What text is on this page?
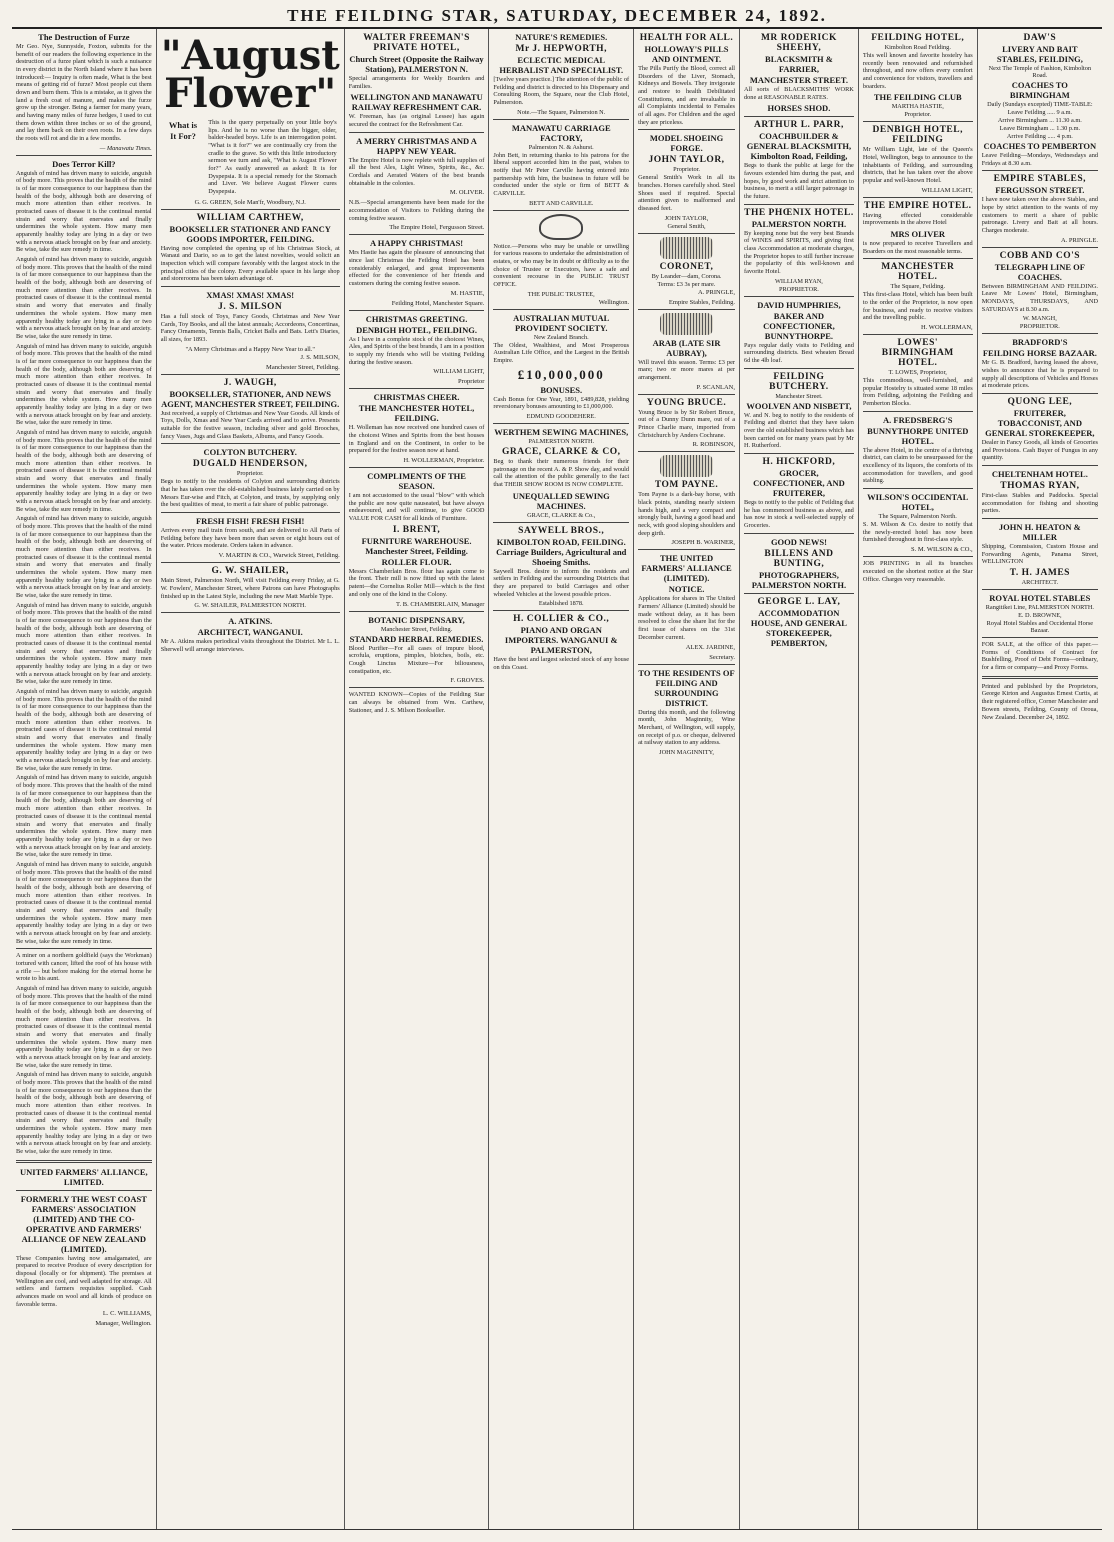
THE FEILDING STAR, SATURDAY, DECEMBER 24, 1892.
The Destruction of Furze

Mr Geo. Nye, Sunnyside, Foxton, submits for the benefit of our readers the following experience in the destruction of a furze plant which is such a nuisance in every district in the North Island where it has been introduced:— Inquiry is often made, What is the best means of getting rid of furze? Most people cut them down and burn them. This is a mistake, as it gives the land a fresh coat of manure, and makes the furze grow up the stronger. Being a farmer for many years, and having many miles of furze hedges, I used to cut them down within three inches or so of the ground, and lay them back on their own roots. In a few days the roots will rot and die in a few months.

— Manawatu Times.
Does Terror Kill?

Anguish of mind has driven many to suicide, anguish of body more. This proves that the health of the mind is of far more consequence to our happiness than the health of the body, although both are deserving of much more attention than either receives. In protracted cases of disease it is the continual mental strain and worry that enervates and finally undermines the whole system. How many men apparently healthy today are lying in a day or two with a nervous attack brought on by fear and anxiety. Be wise, take the sure remedy in time.

Anguish of mind has driven many to suicide, anguish of body more. This proves that the health of the mind is of far more consequence to our happiness than the health of the body, although both are deserving of much more attention than either receives. In protracted cases of disease it is the continual mental strain and worry that enervates and finally undermines the whole system. How many men apparently healthy today are lying in a day or two with a nervous attack brought on by fear and anxiety. Be wise, take the sure remedy in time.

Anguish of mind has driven many to suicide, anguish of body more. This proves that the health of the mind is of far more consequence to our happiness than the health of the body, although both are deserving of much more attention than either receives. In protracted cases of disease it is the continual mental strain and worry that enervates and finally undermines the whole system. How many men apparently healthy today are lying in a day or two with a nervous attack brought on by fear and anxiety. Be wise, take the sure remedy in time.

Anguish of mind has driven many to suicide, anguish of body more. This proves that the health of the mind is of far more consequence to our happiness than the health of the body, although both are deserving of much more attention than either receives. In protracted cases of disease it is the continual mental strain and worry that enervates and finally undermines the whole system. How many men apparently healthy today are lying in a day or two with a nervous attack brought on by fear and anxiety. Be wise, take the sure remedy in time.

Anguish of mind has driven many to suicide, anguish of body more. This proves that the health of the mind is of far more consequence to our happiness than the health of the body, although both are deserving of much more attention than either receives. In protracted cases of disease it is the continual mental strain and worry that enervates and finally undermines the whole system. How many men apparently healthy today are lying in a day or two with a nervous attack brought on by fear and anxiety. Be wise, take the sure remedy in time.

Anguish of mind has driven many to suicide, anguish of body more. This proves that the health of the mind is of far more consequence to our happiness than the health of the body, although both are deserving of much more attention than either receives. In protracted cases of disease it is the continual mental strain and worry that enervates and finally undermines the whole system. How many men apparently healthy today are lying in a day or two with a nervous attack brought on by fear and anxiety. Be wise, take the sure remedy in time.

Anguish of mind has driven many to suicide, anguish of body more. This proves that the health of the mind is of far more consequence to our happiness than the health of the body, although both are deserving of much more attention than either receives. In protracted cases of disease it is the continual mental strain and worry that enervates and finally undermines the whole system. How many men apparently healthy today are lying in a day or two with a nervous attack brought on by fear and anxiety. Be wise, take the sure remedy in time.

Anguish of mind has driven many to suicide, anguish of body more. This proves that the health of the mind is of far more consequence to our happiness than the health of the body, although both are deserving of much more attention than either receives. In protracted cases of disease it is the continual mental strain and worry that enervates and finally undermines the whole system. How many men apparently healthy today are lying in a day or two with a nervous attack brought on by fear and anxiety. Be wise, take the sure remedy in time.

Anguish of mind has driven many to suicide, anguish of body more. This proves that the health of the mind is of far more consequence to our happiness than the health of the body, although both are deserving of much more attention than either receives. In protracted cases of disease it is the continual mental strain and worry that enervates and finally undermines the whole system. How many men apparently healthy today are lying in a day or two with a nervous attack brought on by fear and anxiety. Be wise, take the sure remedy in time.

A miner on a northern goldfield (says the Workman) tortured with cancer, lifted the roof of his house with a rifle — but before making for the eternal home he wrote to his aunt.

Anguish of mind has driven many to suicide, anguish of body more. This proves that the health of the mind is of far more consequence to our happiness than the health of the body, although both are deserving of much more attention than either receives. In protracted cases of disease it is the continual mental strain and worry that enervates and finally undermines the whole system. How many men apparently healthy today are lying in a day or two with a nervous attack brought on by fear and anxiety. Be wise, take the sure remedy in time.

Anguish of mind has driven many to suicide, anguish of body more. This proves that the health of the mind is of far more consequence to our happiness than the health of the body, although both are deserving of much more attention than either receives. In protracted cases of disease it is the continual mental strain and worry that enervates and finally undermines the whole system. How many men apparently healthy today are lying in a day or two with a nervous attack brought on by fear and anxiety. Be wise, take the sure remedy in time.

UNITED FARMERS' ALLIANCE, LIMITED.
FORMERLY THE WEST COAST FARMERS' ASSOCIATION (LIMITED) AND THE CO-OPERATIVE AND FARMERS' ALLIANCE OF NEW ZEALAND (LIMITED).

These Companies having now amalgamated, are prepared to receive Produce of every description for disposal (locally or for shipment). The premises at Wellington are cool, and well adapted for storage. All settlers and farmers requisites supplied. Cash advances made on wool and all kinds of produce on favorable terms.

L. C. WILLIAMS,
Manager, Wellington.
"August Flower"
What is
It For?

This is the query perpetually on your little boy's lips. And he is no worse than the bigger, older, balder-headed boys. Life is an interrogation point. "What is it for?" we are continually cry from the cradle to the grave. So with this little introductory sermon we turn and ask, "What is August Flower for?" As easily answered as asked: It is for Dyspepsia. It is a special remedy for the Stomach and Liver. We believe August Flower cures Dyspepsia.

G. G. GREEN, Sole Man'fr, Woodbury, N.J.
WILLIAM CARTHEW,
BOOKSELLER STATIONER AND FANCY GOODS IMPORTER, FEILDING.

Having now completed the opening up of his Christmas Stock, at Wanaui and Dario, so as to get the latest novelties, would solicit an inspection which will compare favorably with the largest stock in the principal cities of the colony. Every available space in his large shop and storerooms has been taken advantage of.

XMAS! XMAS! XMAS!
J. S. MILSON

Has a full stock of Toys, Fancy Goods, Christmas and New Year Cards, Toy Books, and all the latest annuals; Accordeons, Concertinas, Fancy Ornaments, Tennis Balls, Cricket Balls and Bats. Lett's Diaries, all sizes, for 1893.

"A Merry Christmas and a Happy New Year to all."
J. S. MILSON,
Manchester Street, Feilding.
J. WAUGH,
BOOKSELLER, STATIONER, AND NEWS AGENT, MANCHESTER STREET, FEILDING.

Just received, a supply of Christmas and New Year Goods. All kinds of Toys, Dolls, Xmas and New Year Cards arrived and to arrive. Presents suitable for the festive season, including silver and gold Brooches, fancy Vases, Jugs and Glass Baskets, Albums, and Fancy Goods.

COLYTON BUTCHERY.
DUGALD HENDERSON,
Proprietor.

Begs to notify to the residents of Colyton and surrounding districts that he has taken over the old-established business lately carried on by Messrs Eur-wise and Fitch, at Colyton, and trusts, by supplying only the best qualities of meat, to merit a fair share of public patronage.

FRESH FISH! FRESH FISH!

Arrives every mail train from south, and are delivered to All Parts of Feilding before they have been more than seven or eight hours out of the water. Prices moderate. Orders taken in advance.

V. MARTIN & CO., Warwick Street, Feilding.
G. W. SHAILER,

Main Street, Palmerston North, Will visit Feilding every Friday, at G. W. Fowlers', Manchester Street, where Patrons can have Photographs finished up in the Latest Style, including the new Matt Marble Type.

G. W. SHAILER, PALMERSTON NORTH.
A. ATKINS.
ARCHITECT, WANGANUI.

Mr A. Atkins makes periodical visits throughout the District. Mr L. L. Sherwell will arrange interviews.

WALTER FREEMAN'S PRIVATE HOTEL,
Church Street (Opposite the Railway Station), PALMERSTON N.

Special arrangements for Weekly Boarders and Families.

WELLINGTON AND MANAWATU RAILWAY REFRESHMENT CAR.

W. Freeman, has (as original Lessee) has again secured the contract for the Refreshment Car.

A MERRY CHRISTMAS AND A HAPPY NEW YEAR.

The Empire Hotel is now replete with full supplies of all the best Ales, Light Wines, Spirits, &c., &c. Cordials and Aerated Waters of the best brands obtainable in the colonies.

M. OLIVER.

N.B.—Special arrangements have been made for the accommodation of Visitors to Feilding during the coming festive season.

The Empire Hotel, Fergusson Street.
A HAPPY CHRISTMAS!

Mrs Hastie has again the pleasure of announcing that since last Christmas the Feilding Hotel has been considerably enlarged, and great improvements effected for the convenience of her friends and customers during the coming festive season.

M. HASTIE,
Feilding Hotel, Manchester Square.
CHRISTMAS GREETING.
DENBIGH HOTEL, FEILDING.

As I have in a complete stock of the choicest Wines, Ales, and Spirits of the best brands, I am in a position to supply my friends who will be visiting Feilding during the festive season.

WILLIAM LIGHT,
Proprietor
CHRISTMAS CHEER.
THE MANCHESTER HOTEL, FEILDING.

H. Wolleman has now received one hundred cases of the choicest Wines and Spirits from the best houses in England and on the Continent, in order to be prepared for the festive season now at hand.

H. WOLLERMAN, Proprietor.
COMPLIMENTS OF THE SEASON.

I am not accustomed to the usual "blow" with which the public are now quite nauseated, but have always endeavoured, and will continue, to give GOOD VALUE FOR CASH for all kinds of Furniture.

I. BRENT,
FURNITURE WAREHOUSE. Manchester Street, Feilding.
ROLLER FLOUR.

Messrs Chamberlain Bros. flour has again come to the front. Their mill is now fitted up with the latest patent—the Cornelius Roller Mill—which is the first and only one of the kind in the Colony.

T. B. CHAMBERLAIN, Manager
BOTANIC DISPENSARY,
Manchester Street, Feilding.
STANDARD HERBAL REMEDIES.

Blood Purifier—For all cases of impure blood, scrofula, eruptions, pimples, blotches, boils, etc. Cough Linctus Mixture—For biliousness, constipation, etc.

F. GROVES.

WANTED KNOWN—Copies of the Feilding Star can always be obtained from Wm. Carthew, Stationer, and J. S. Milson Bookseller.

NATURE'S REMEDIES.
Mr J. HEPWORTH,
ECLECTIC MEDICAL HERBALIST AND SPECIALIST.

[Twelve years practice.] The attention of the public of Feilding and district is directed to his Dispensary and Consulting Room, the Square, near the Club Hotel, Palmerston.

Note.—The Square, Palmerston N.
MANAWATU CARRIAGE FACTORY,
Palmerston N. & Ashurst.

John Bett, in returning thanks to his patrons for the liberal support accorded him in the past, wishes to notify that Mr Peter Carville having entered into partnership with him, the business in future will be conducted under the style or firm of BETT & CARVILLE.

BETT AND CARVILLE.

Notice.—Persons who may be unable or unwilling for various reasons to undertake the administration of estates, or who may be in doubt or difficulty as to the choice of Trustee or Executors, have a safe and convenient recourse in the PUBLIC TRUST OFFICE.

THE PUBLIC TRUSTEE,
Wellington.
AUSTRALIAN MUTUAL PROVIDENT SOCIETY.
New Zealand Branch.

The Oldest, Wealthiest, and Most Prosperous Australian Life Office, and the Largest in the British Empire.

£10,000,000
BONUSES.

Cash Bonus for One Year, 1891, £489,828, yielding reversionary bonuses amounting to £1,000,000.

EDMUND GOODEHERE.
WERTHEM SEWING MACHINES,
PALMERSTON NORTH.
GRACE, CLARKE & CO,

Beg to thank their numerous friends for their patronage on the recent A. & P. Show day, and would call the attention of the public generally to the fact that THEIR SHOW ROOM IS NOW COMPLETE.

UNEQUALLED SEWING MACHINES.
GRACE, CLARKE & Co.,
SAYWELL BROS.,
KIMBOLTON ROAD, FEILDING. Carriage Builders, Agricultural and Shoeing Smiths.

Saywell Bros. desire to inform the residents and settlers in Feilding and the surrounding Districts that they are prepared to build Carriages and other wheeled Vehicles at the lowest possible prices.

Established 1878.
H. COLLIER & CO.,
PIANO AND ORGAN IMPORTERS. WANGANUI & PALMERSTON,

Have the best and largest selected stock of any house on this Coast.

HEALTH FOR ALL.
HOLLOWAY'S PILLS AND OINTMENT.

The Pills Purify the Blood, correct all Disorders of the Liver, Stomach, Kidneys and Bowels. They invigorate and restore to health Debilitated Constitutions, and are invaluable in all Complaints incidental to Females of all ages. For Children and the aged they are priceless.

MODEL SHOEING FORGE.
JOHN TAYLOR,
Proprietor.

General Smith's Work in all its branches. Horses carefully shod. Steel Shoes used if required. Special attention given to malformed and diseased feet.

JOHN TAYLOR,
General Smith,
CORONET,
By Leander—dam, Corona.
Terms: £3 3s per mare.
A. PRINGLE,
Empire Stables, Feilding.
ARAB (LATE SIR AUBRAY),

Will travel this season. Terms: £3 per mare; two or more mares at per arrangement.

P. SCANLAN,
YOUNG BRUCE.

Young Bruce is by Sir Robert Bruce, out of a Dunny Dunn mare, out of a Prince Charlie mare, imported from Christchurch by Anders Cochrane.

R. ROBINSON,
TOM PAYNE.

Tom Payne is a dark-bay horse, with black points, standing nearly sixteen hands high, and a very compact and strongly built, having a good head and neck, with good sloping shoulders and deep girth.

JOSEPH B. WARINER,
THE UNITED FARMERS' ALLIANCE (LIMITED).
NOTICE.

Applications for shares in The United Farmers' Alliance (Limited) should be made without delay, as it has been resolved to close the share list for the first issue of shares on the 31st December current.

ALEX. JARDINE,
Secretary.
TO THE RESIDENTS OF FEILDING AND SURROUNDING DISTRICT.

During this month, and the following month, John Maginnity, Wine Merchant, of Wellington, will supply, on receipt of p.o. or cheque, delivered at railway station to any address.

JOHN MAGINNITY,
MR RODERICK SHEEHY,
BLACKSMITH & FARRIER,
MANCHESTER STREET.

All sorts of BLACKSMITHS' WORK done at REASONABLE RATES.

HORSES SHOD.
ARTHUR L. PARR,
COACHBUILDER & GENERAL BLACKSMITH, Kimbolton Road, Feilding,

Begs to thank the public at large for the favours extended him during the past, and hopes, by good work and strict attention to business, to merit a still larger patronage in the future.

THE PHŒNIX HOTEL.
PALMERSTON NORTH.

By keeping none but the very best Brands of WINES and SPIRITS, and giving first class Accommodation at moderate charges, the Proprietor hopes to still further increase the popularity of this well-known and favorite Hotel.

WILLIAM RYAN,
PROPRIETOR.
DAVID HUMPHRIES,
BAKER AND CONFECTIONER, BUNNYTHORPE.

Pays regular daily visits to Feilding and surrounding districts. Best wheaten Bread 6d the 4lb loaf.

FEILDING BUTCHERY.
Manchester Street.
WOOLVEN AND NISBETT,

W. and N. beg to notify to the residents of Feilding and district that they have taken over the old established business which has been carried on for many years past by Mr H. Rutherford.

H. HICKFORD,
GROCER, CONFECTIONER, AND FRUITERER,

Begs to notify to the public of Feilding that he has commenced business as above, and has now in stock a well-selected supply of Groceries.

GOOD NEWS!
BILLENS AND BUNTING,
PHOTOGRAPHERS, PALMERSTON NORTH.
GEORGE L. LAY,
ACCOMMODATION HOUSE, AND GENERAL STOREKEEPER, PEMBERTON,
FEILDING HOTEL,
Kimbolton Road Feilding.

This well known and favorite hostelry has recently been renovated and refurnished throughout, and now offers every comfort and convenience for visitors, travellers and boarders.

THE FEILDING CLUB
MARTHA HASTIE,
Proprietor.
DENBIGH HOTEL, FEILDING

Mr William Light, late of the Queen's Hotel, Wellington, begs to announce to the inhabitants of Feilding, and surrounding districts, that he has taken over the above popular and well-known Hotel.

WILLIAM LIGHT,
THE EMPIRE HOTEL.

Having effected considerable improvements in the above Hotel

MRS OLIVER

is now prepared to receive Travellers and Boarders on the most reasonable terms.

MANCHESTER HOTEL.
The Square, Feilding.

This first-class Hotel, which has been built to the order of the Proprietor, is now open for business, and ready to receive visitors and the travelling public.

H. WOLLERMAN,
LOWES' BIRMINGHAM HOTEL.
T. LOWES, Proprietor,

This commodious, well-furnished, and popular Hostelry is situated some 18 miles from Feilding, adjoining the Feilding and Pemberton Blocks.

A. FREDSBERG'S
BUNNYTHORPE UNITED HOTEL.

The above Hotel, in the centre of a thriving district, can claim to be unsurpassed for the excellency of its liquors, the comforts of its accommodation for travellers, and good stabling.

WILSON'S OCCIDENTAL HOTEL,
The Square, Palmerston North.

S. M. Wilson & Co. desire to notify that the newly-erected hotel has now been furnished throughout in first-class style.

S. M. WILSON & CO.,

JOB PRINTING in all its branches executed on the shortest notice at the Star Office. Charges very reasonable.

DAW'S
LIVERY AND BAIT STABLES, FEILDING,
Next The Temple of Fashion, Kimbolton Road.
COACHES TO BIRMINGHAM
Daily (Sundays excepted) TIME-TABLE:
Leave Feilding ..... 9 a.m.
Arrive Birmingham ... 11.30 a.m.
Leave Birmingham ... 1.30 p.m.
Arrive Feilding ..... 4 p.m.
COACHES TO PEMBERTON

Leave Feilding—Mondays, Wednesdays and Fridays at 8.30 a.m.

EMPIRE STABLES,
FERGUSSON STREET.

I have now taken over the above Stables, and hope by strict attention to the wants of my customers to merit a share of public patronage. Livery and Bait at all hours. Charges moderate.

A. PRINGLE.
COBB AND CO'S
TELEGRAPH LINE OF COACHES.

Between BIRMINGHAM AND FEILDING. Leave Mr Lowes' Hotel, Birmingham, MONDAYS, THURSDAYS, AND SATURDAYS at 8.30 a.m.

W. MANGH,
PROPRIETOR.
BRADFORD'S
FEILDING HORSE BAZAAR.

Mr G. B. Bradford, having leased the above, wishes to announce that he is prepared to supply all descriptions of Vehicles and Horses at moderate prices.

QUONG LEE,
FRUITERER, TOBACCONIST, AND GENERAL STOREKEEPER,

Dealer in Fancy Goods, all kinds of Groceries and Provisions. Cash Buyer of Fungus in any quantity.

CHELTENHAM HOTEL.
THOMAS RYAN,

First-class Stables and Paddocks. Special accommodation for fishing and shooting parties.

JOHN H. HEATON & MILLER

Shipping, Commission, Custom House and Forwarding Agents, Panama Street, WELLINGTON

T. H. JAMES
ARCHITECT.
ROYAL HOTEL STABLES
Rangitikei Line, PALMERSTON NORTH.
E. D. BROWNE,
Royal Hotel Stables and Occidental Horse Bazaar.

FOR SALE, at the office of this paper.—Forms of Conditions of Contract for Bushfelling, Proof of Debt Forms—ordinary, for a firm or company—and Proxy Forms.

Printed and published by the Proprietors, George Kirton and Augustus Ernest Curtis, at their registered office, Corner Manchester and Bowen streets, Feilding, County of Oroua, New Zealand. December 24, 1892.
